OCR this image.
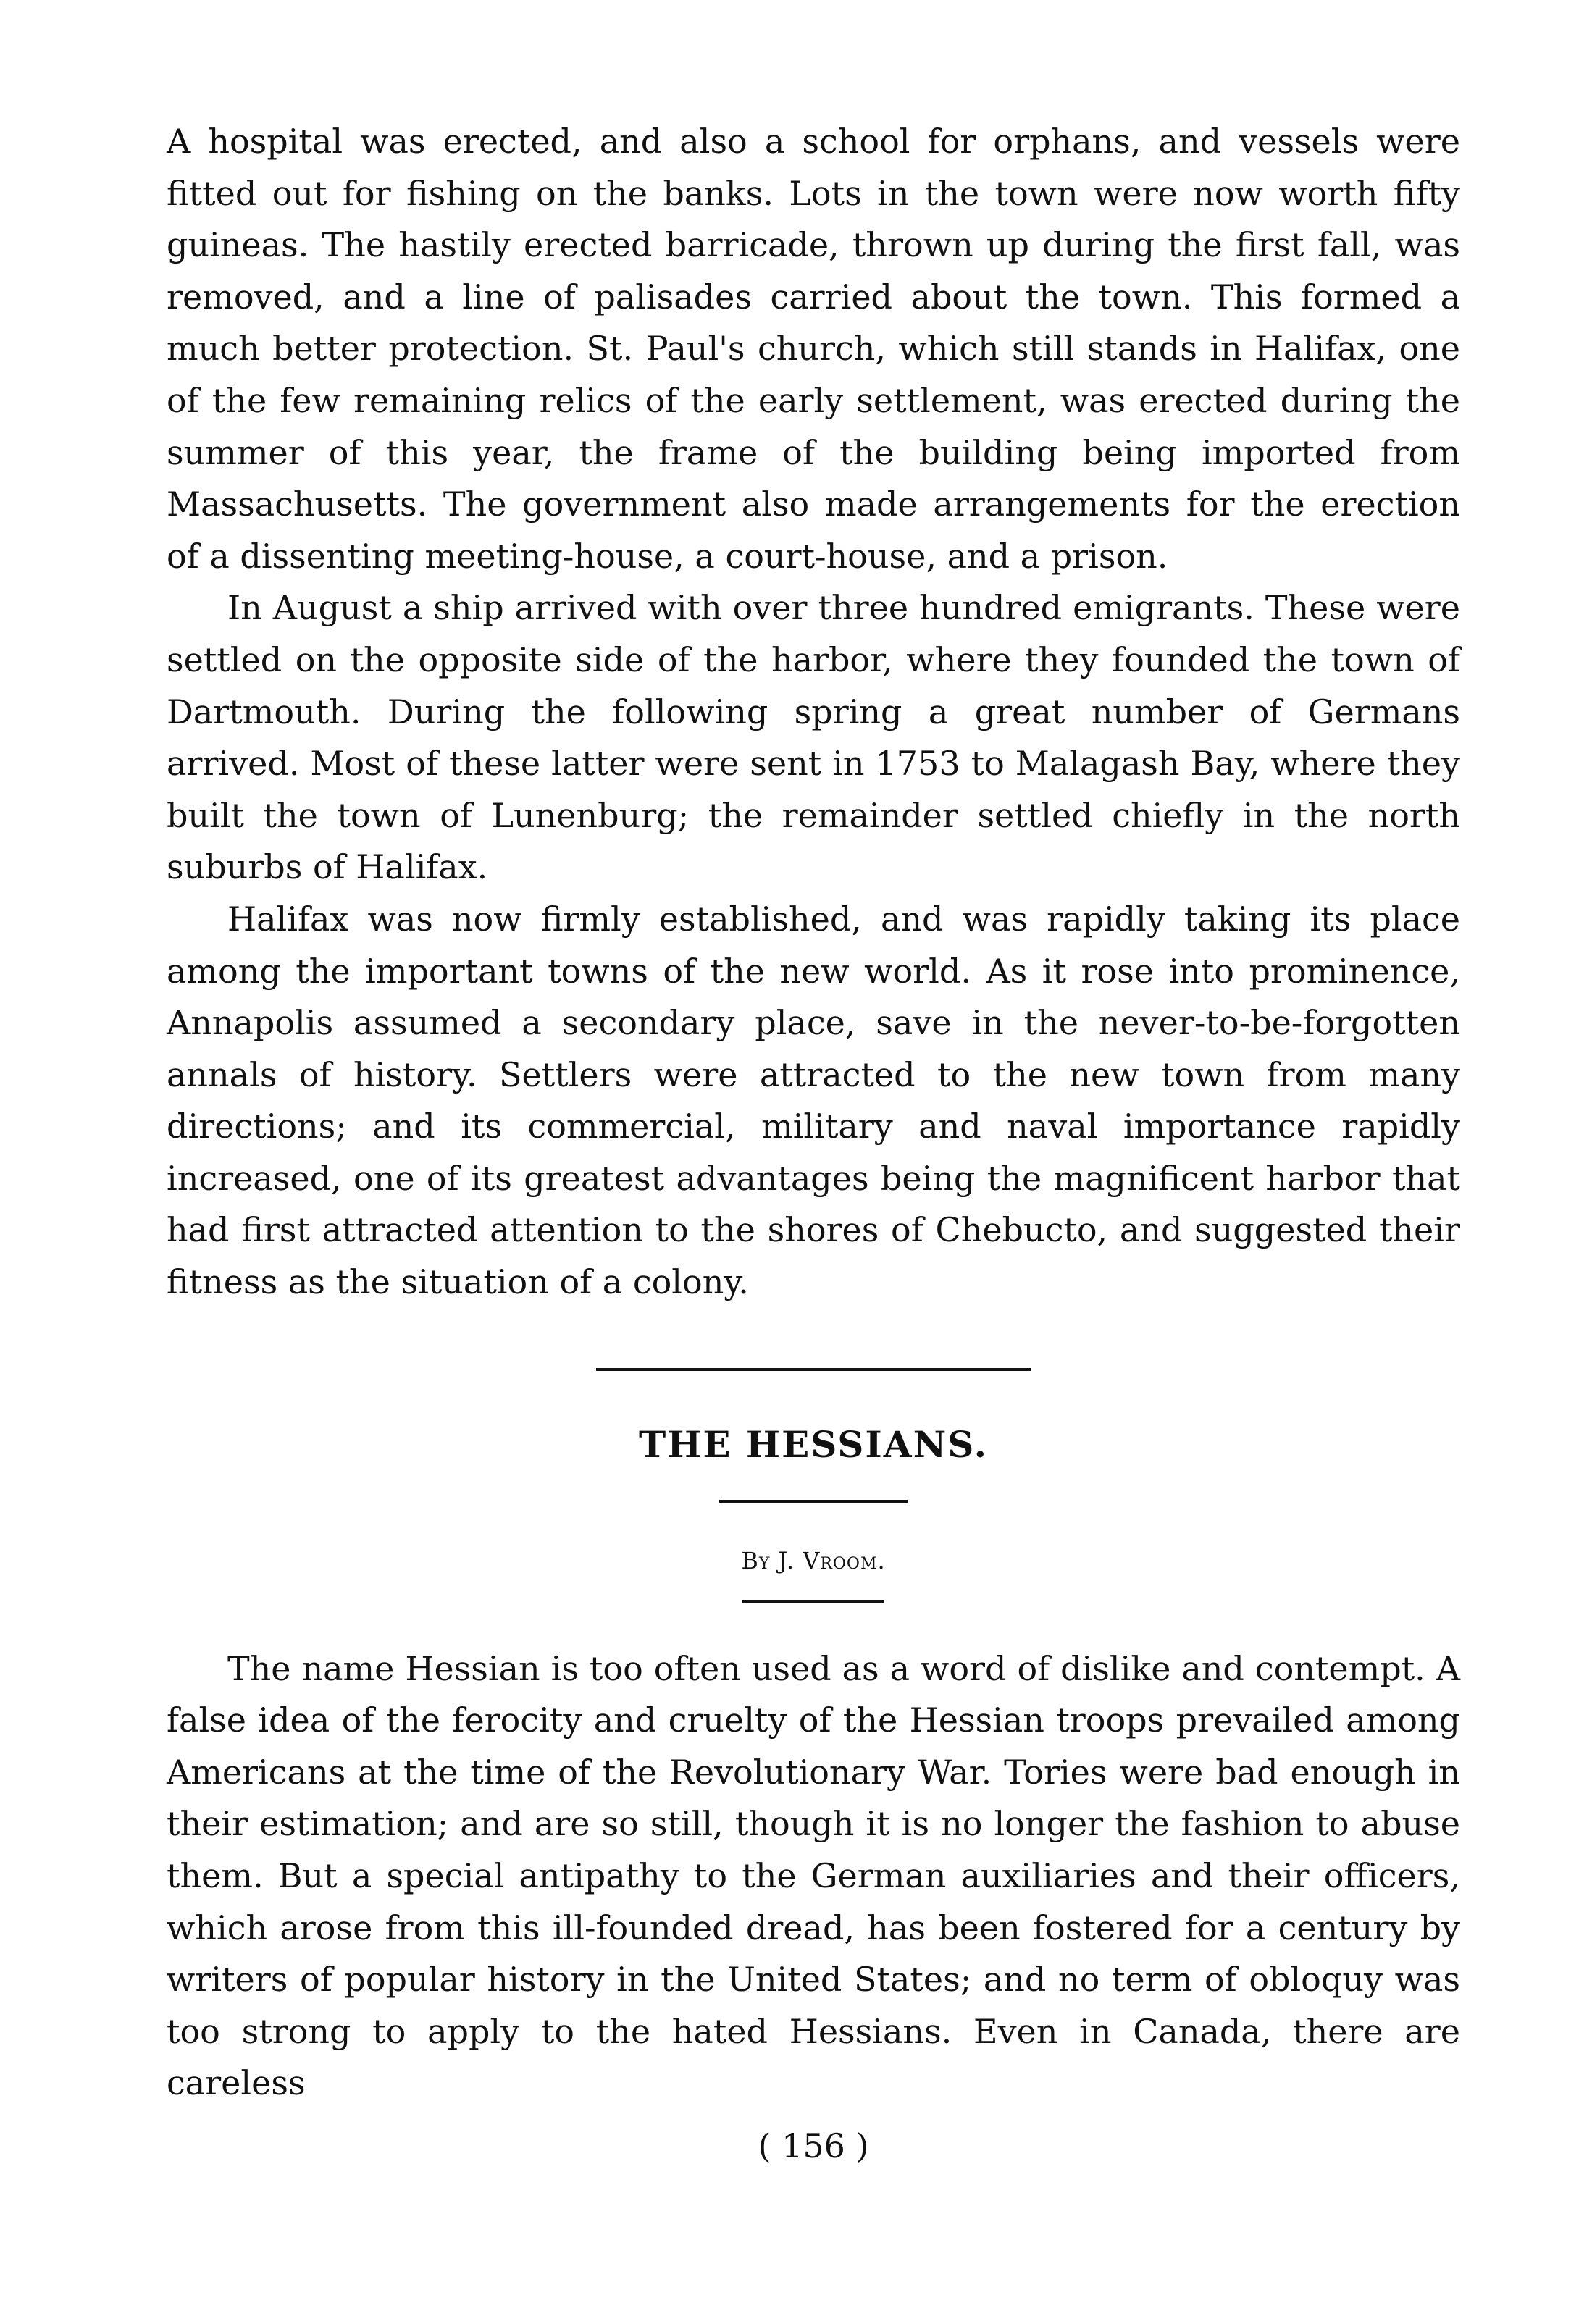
A hospital was erected, and also a school for orphans, and vessels were fitted out for fishing on the banks. Lots in the town were now worth fifty guineas. The hastily erected barricade, thrown up during the first fall, was removed, and a line of palisades carried about the town. This formed a much better protection. St. Paul's church, which still stands in Halifax, one of the few remaining relics of the early settlement, was erected during the summer of this year, the frame of the building being imported from Massachusetts. The government also made arrangements for the erection of a dissenting meeting-house, a court-house, and a prison.

In August a ship arrived with over three hundred emigrants. These were settled on the opposite side of the harbor, where they founded the town of Dartmouth. During the following spring a great number of Germans arrived. Most of these latter were sent in 1753 to Malagash Bay, where they built the town of Lunenburg; the remainder settled chiefly in the north suburbs of Halifax.

Halifax was now firmly established, and was rapidly taking its place among the important towns of the new world. As it rose into prominence, Annapolis assumed a secondary place, save in the never-to-be-forgotten annals of history. Settlers were attracted to the new town from many directions; and its commercial, military and naval importance rapidly increased, one of its greatest advantages being the magnificent harbor that had first attracted attention to the shores of Chebucto, and suggested their fitness as the situation of a colony.

THE HESSIANS.
By J. Vroom.

The name Hessian is too often used as a word of dislike and contempt. A false idea of the ferocity and cruelty of the Hessian troops prevailed among Americans at the time of the Revolutionary War. Tories were bad enough in their estimation; and are so still, though it is no longer the fashion to abuse them. But a special antipathy to the German auxiliaries and their officers, which arose from this ill-founded dread, has been fostered for a century by writers of popular history in the United States; and no term of obloquy was too strong to apply to the hated Hessians. Even in Canada, there are careless

( 156 )
